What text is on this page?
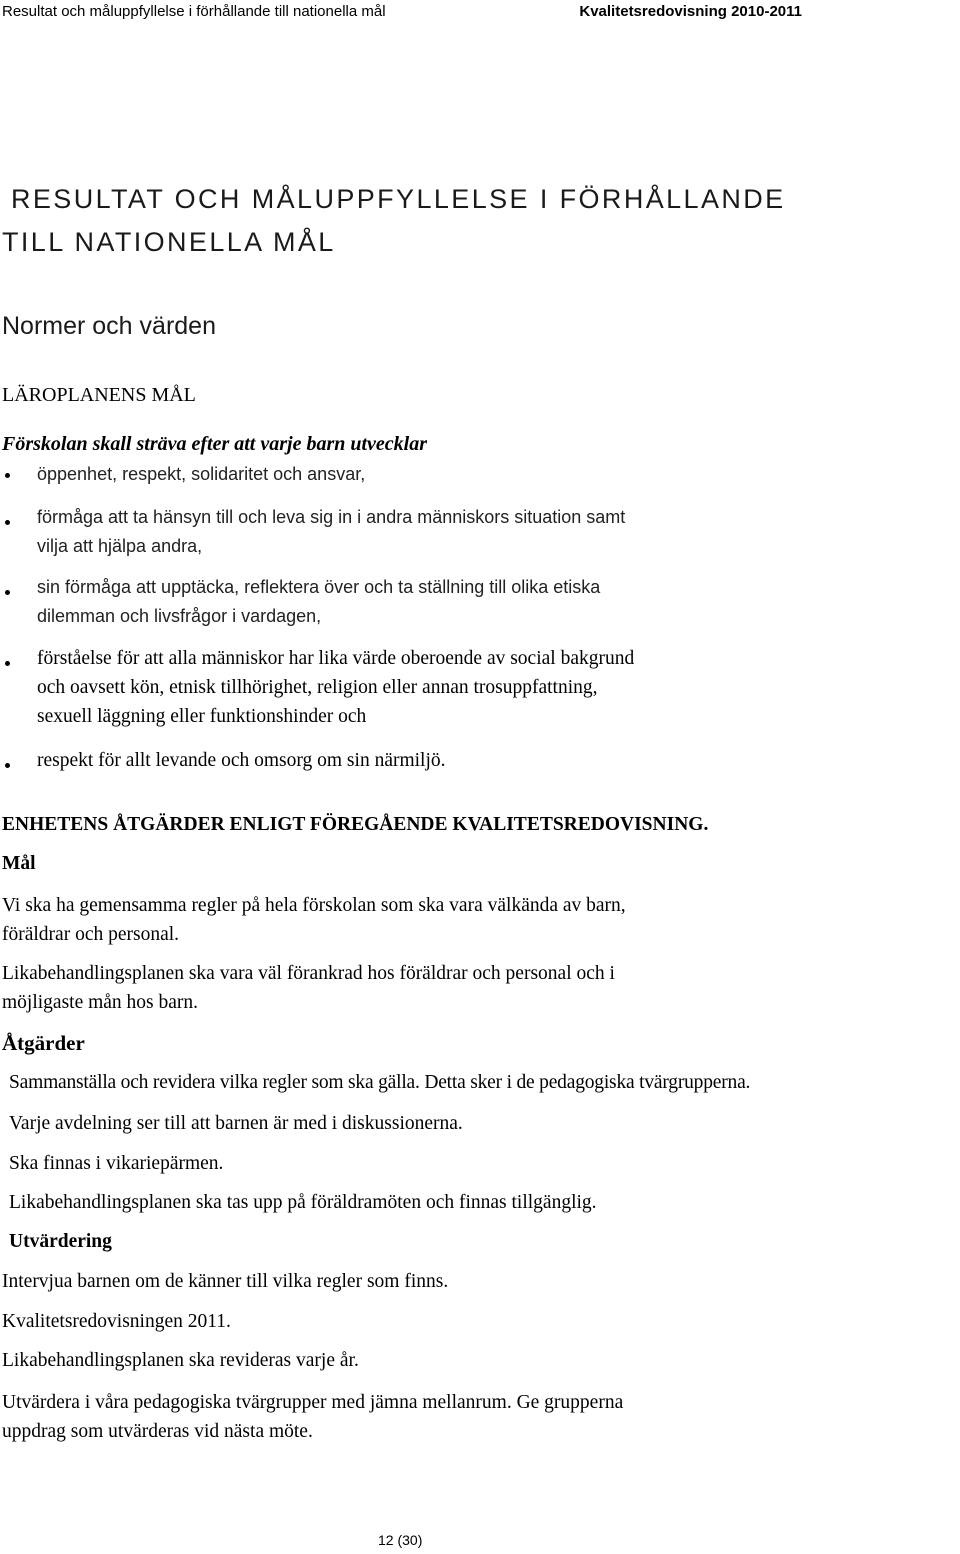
Resultat och måluppfyllelse i förhållande till nationella mål	Kvalitetsredovisning 2010-2011
RESULTAT OCH MÅLUPPFYLLELSE I FÖRHÅLLANDE
TILL NATIONELLA MÅL
Normer och värden
LÄROPLANENS MÅL
Förskolan skall sträva efter att varje barn utvecklar
öppenhet, respekt, solidaritet och ansvar,
förmåga att ta hänsyn till och leva sig in i andra människors situation samt
vilja att hjälpa andra,
sin förmåga att upptäcka, reflektera över och ta ställning till olika etiska
dilemman och livsfrågor i vardagen,
förståelse för att alla människor har lika värde oberoende av social bakgrund
och oavsett kön, etnisk tillhörighet, religion eller annan trosuppfattning,
sexuell läggning eller funktionshinder och
respekt för allt levande och omsorg om sin närmiljö.
ENHETENS ÅTGÄRDER ENLIGT FÖREGÅENDE KVALITETSREDOVISNING.
Mål
Vi ska ha gemensamma regler på hela förskolan som ska vara välkända av barn,
föräldrar och personal.
Likabehandlingsplanen ska vara väl förankrad hos föräldrar och personal och i
möjligaste mån hos barn.
Åtgärder
Sammanställa och revidera vilka regler som ska gälla. Detta sker i de pedagogiska tvärgrupperna.
Varje avdelning ser till att barnen är med i diskussionerna.
Ska finnas i vikariepärmen.
Likabehandlingsplanen ska tas upp på föräldramöten och finnas tillgänglig.
Utvärdering
Intervjua barnen om de känner till vilka regler som finns.
Kvalitetsredovisningen 2011.
Likabehandlingsplanen ska revideras varje år.
Utvärdera i våra pedagogiska tvärgrupper med jämna mellanrum. Ge grupperna
uppdrag som utvärderas vid nästa möte.
12 (30)
